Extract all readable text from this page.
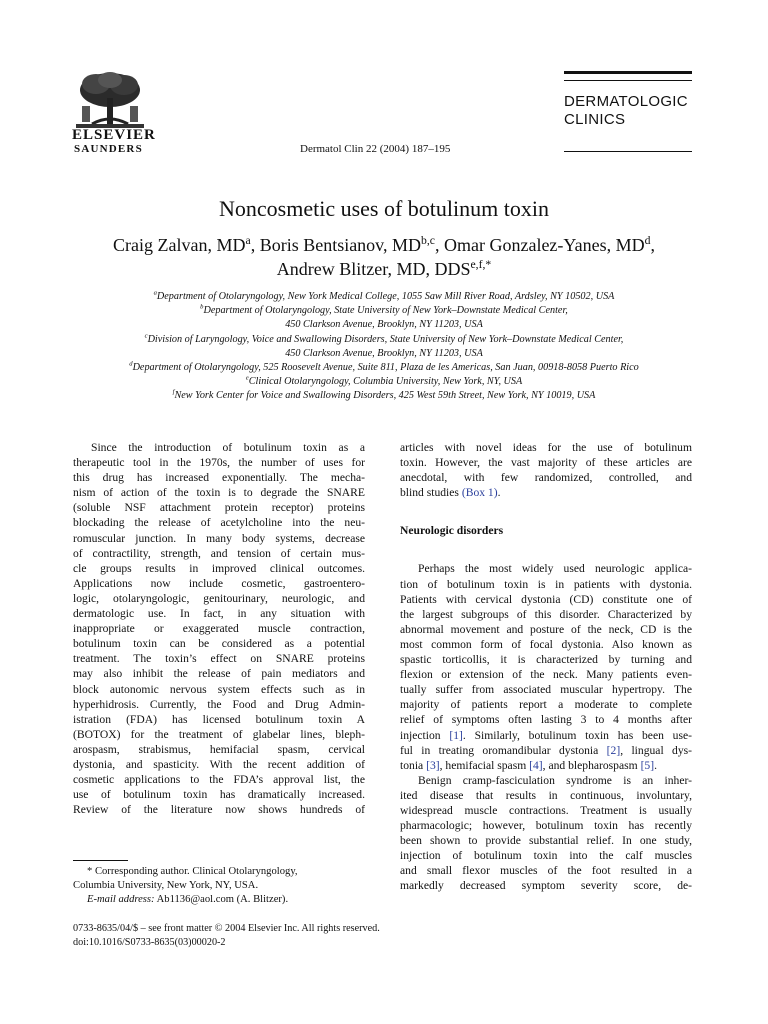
ELSEVIER
SAUNDERS
DERMATOLOGIC
CLINICS
Dermatol Clin 22 (2004) 187–195
Noncosmetic uses of botulinum toxin
Craig Zalvan, $MD^a$, Boris Bentsianov, MD$^{b,c}$, Omar Gonzalez-Yanes, $MD^d$,
Andrew Blitzer, MD, $DDS^{e,f,*}$
$^a$Department of Otolaryngology, New York Medical College, 1055 Saw Mill River Road, Ardsley, NY 10502, USA
$^b$Department of Otolaryngology, State University of New York–Downstate Medical Center,
450 Clarkson Avenue, Brooklyn, NY 11203, USA
$^c$Division of Laryngology, Voice and Swallowing Disorders, State University of New York–Downstate Medical Center,
450 Clarkson Avenue, Brooklyn, NY 11203, USA
$^d$Department of Otolaryngology, 525 Roosevelt Avenue, Suite 811, Plaza de les Americas, San Juan, 00918-8058 Puerto Rico
$^e$Clinical Otolaryngology, Columbia University, New York, NY, USA
$^f$New York Center for Voice and Swallowing Disorders, 425 West 59th Street, New York, NY 10019, USA
Since the introduction of botulinum toxin as a
therapeutic tool in the 1970s, the number of uses for
this drug has increased exponentially. The mecha-
nism of action of the toxin is to degrade the SNARE
(soluble NSF attachment protein receptor) proteins
blockading the release of acetylcholine into the neu-
romuscular junction. In many body systems, decrease
of contractility, strength, and tension of certain mus-
cle groups results in improved clinical outcomes.
Applications now include cosmetic, gastroentero-
logic, otolaryngologic, genitourinary, neurologic, and
dermatologic use. In fact, in any situation with
inappropriate or exaggerated muscle contraction,
botulinum toxin can be considered as a potential
treatment. The toxin’s effect on SNARE proteins
may also inhibit the release of pain mediators and
block autonomic nervous system effects such as in
hyperhidrosis. Currently, the Food and Drug Admin-
istration (FDA) has licensed botulinum toxin A
(BOTOX) for the treatment of glabelar lines, bleph-
arospasm, strabismus, hemifacial spasm, cervical
dystonia, and spasticity. With the recent addition of
cosmetic applications to the FDA’s approval list, the
use of botulinum toxin has dramatically increased.
Review of the literature now shows hundreds of
* Corresponding author. Clinical Otolaryngology,
Columbia University, New York, NY, USA.
E-mail address: Ab1136@aol.com (A. Blitzer).
articles with novel ideas for the use of botulinum
toxin. However, the vast majority of these articles are
anecdotal, with few randomized, controlled, and
blind studies (Box 1).
Neurologic disorders
Perhaps the most widely used neurologic applica-
tion of botulinum toxin is in patients with dystonia.
Patients with cervical dystonia (CD) constitute one of
the largest subgroups of this disorder. Characterized by
abnormal movement and posture of the neck, CD is the
most common form of focal dystonia. Also known as
spastic torticollis, it is characterized by turning and
flexion or extension of the neck. Many patients even-
tually suffer from associated muscular hypertropy. The
majority of patients report a moderate to complete
relief of symptoms often lasting 3 to 4 months after
injection [1]. Similarly, botulinum toxin has been use-
ful in treating oromandibular dystonia [2], lingual dys-
tonia [3], hemifacial spasm [4], and blepharospasm [5].
Benign cramp-fasciculation syndrome is an inher-
ited disease that results in continuous, involuntary,
widespread muscle contractions. Treatment is usually
pharmacologic; however, botulinum toxin has recently
been shown to provide substantial relief. In one study,
injection of botulinum toxin into the calf muscles
and small flexor muscles of the foot resulted in a
markedly decreased symptom severity score, de-
0733-8635/04/$ – see front matter © 2004 Elsevier Inc. All rights reserved.
doi:10.1016/S0733-8635(03)00020-2
